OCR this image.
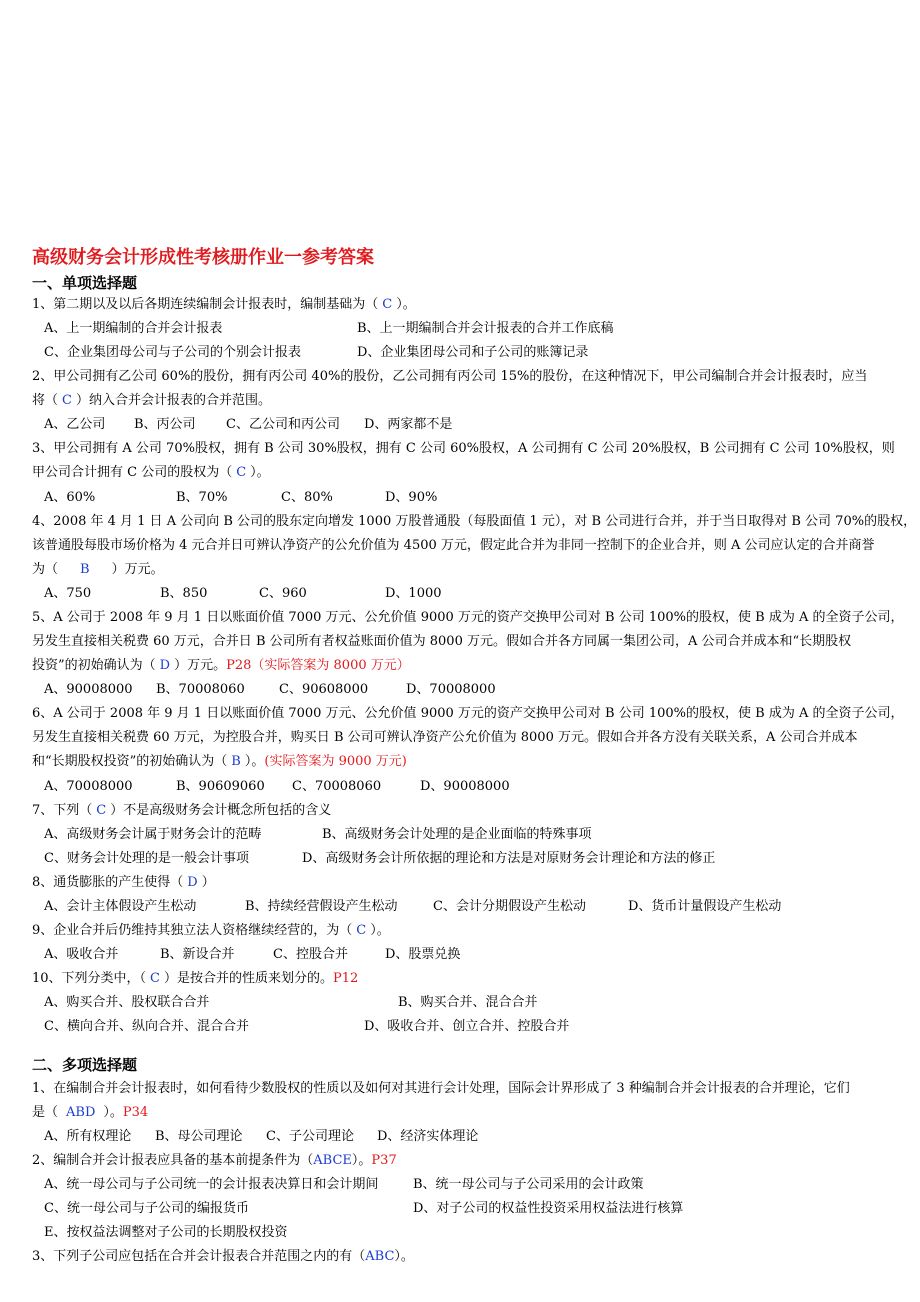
高级财务会计形成性考核册作业一参考答案
一、单项选择题
1、第二期以及以后各期连续编制会计报表时，编制基础为（ C ）。
A、上一期编制的合并会计报表	B、上一期编制合并会计报表的合并工作底稿
C、企业集团母公司与子公司的个别会计报表	D、企业集团母公司和子公司的账簿记录
2、甲公司拥有乙公司 60%的股份，拥有丙公司 40%的股份，乙公司拥有丙公司 15%的股份，在这种情况下，甲公司编制合并会计报表时，应当
将（ C ）纳入合并会计报表的合并范围。
A、乙公司 B、丙公司 C、乙公司和丙公司 D、两家都不是
3、甲公司拥有 A 公司 70%股权，拥有 B 公司 30%股权，拥有 C 公司 60%股权，A 公司拥有 C 公司 20%股权，B 公司拥有 C 公司 10%股权，则
甲公司合计拥有 C 公司的股权为（ C ）。
A、60%	B、70%	C、80%	D、90%
4、2008 年 4 月 1 日 A 公司向 B 公司的股东定向增发 1000 万股普通股（每股面值 1 元），对 B 公司进行合并，并于当日取得对 B 公司 70%的股权，
该普通股每股市场价格为 4 元合并日可辨认净资产的公允价值为 4500 万元，假定此合并为非同一控制下的企业合并，则 A 公司应认定的合并商誉
为（ B ）万元。
A、750	B、850	C、960	D、1000
5、A 公司于 2008 年 9 月 1 日以账面价值 7000 万元、公允价值 9000 万元的资产交换甲公司对 B 公司 100%的股权，使 B 成为 A 的全资子公司，
另发生直接相关税费 60 万元，合并日 B 公司所有者权益账面价值为 8000 万元。假如合并各方同属一集团公司，A 公司合并成本和“长期股权
投资”的初始确认为（ D ）万元。P28（实际答案为 8000 万元）
A、90008000 B、70008060	C、90608000	D、70008000
6、A 公司于 2008 年 9 月 1 日以账面价值 7000 万元、公允价值 9000 万元的资产交换甲公司对 B 公司 100%的股权，使 B 成为 A 的全资子公司，
另发生直接相关税费 60 万元，为控股合并，购买日 B 公司可辨认净资产公允价值为 8000 万元。假如合并各方没有关联关系，A 公司合并成本
和“长期股权投资”的初始确认为（ B ）。(实际答案为 9000 万元)
A、70008000	B、90609060 C、70008060	D、90008000
7、下列（ C ）不是高级财务会计概念所包括的含义
A、高级财务会计属于财务会计的范畴	B、高级财务会计处理的是企业面临的特殊事项
C、财务会计处理的是一般会计事项	D、高级财务会计所依据的理论和方法是对原财务会计理论和方法的修正
8、通货膨胀的产生使得（ D ）
A、会计主体假设产生松动	B、持续经营假设产生松动	C、会计分期假设产生松动	D、货币计量假设产生松动
9、企业合并后仍维持其独立法人资格继续经营的，为（ C ）。
A、吸收合并	B、新设合并	C、控股合并	D、股票兑换
10、下列分类中，（ C ）是按合并的性质来划分的。P12
A、购买合并、股权联合合并	B、购买合并、混合合并
C、横向合并、纵向合并、混合合并	D、吸收合并、创立合并、控股合并
二、多项选择题
1、在编制合并会计报表时，如何看待少数股权的性质以及如何对其进行会计处理，国际会计界形成了 3 种编制合并会计报表的合并理论，它们
是（ ABD ）。P34
A、所有权理论 B、母公司理论 C、子公司理论 D、经济实体理论
2、编制合并会计报表应具备的基本前提条件为（ABCE）。P37
A、统一母公司与子公司统一的会计报表决算日和会计期间	B、统一母公司与子公司采用的会计政策
C、统一母公司与子公司的编报货币	D、对子公司的权益性投资采用权益法进行核算
E、按权益法调整对子公司的长期股权投资
3、下列子公司应包括在合并会计报表合并范围之内的有（ABC）。
